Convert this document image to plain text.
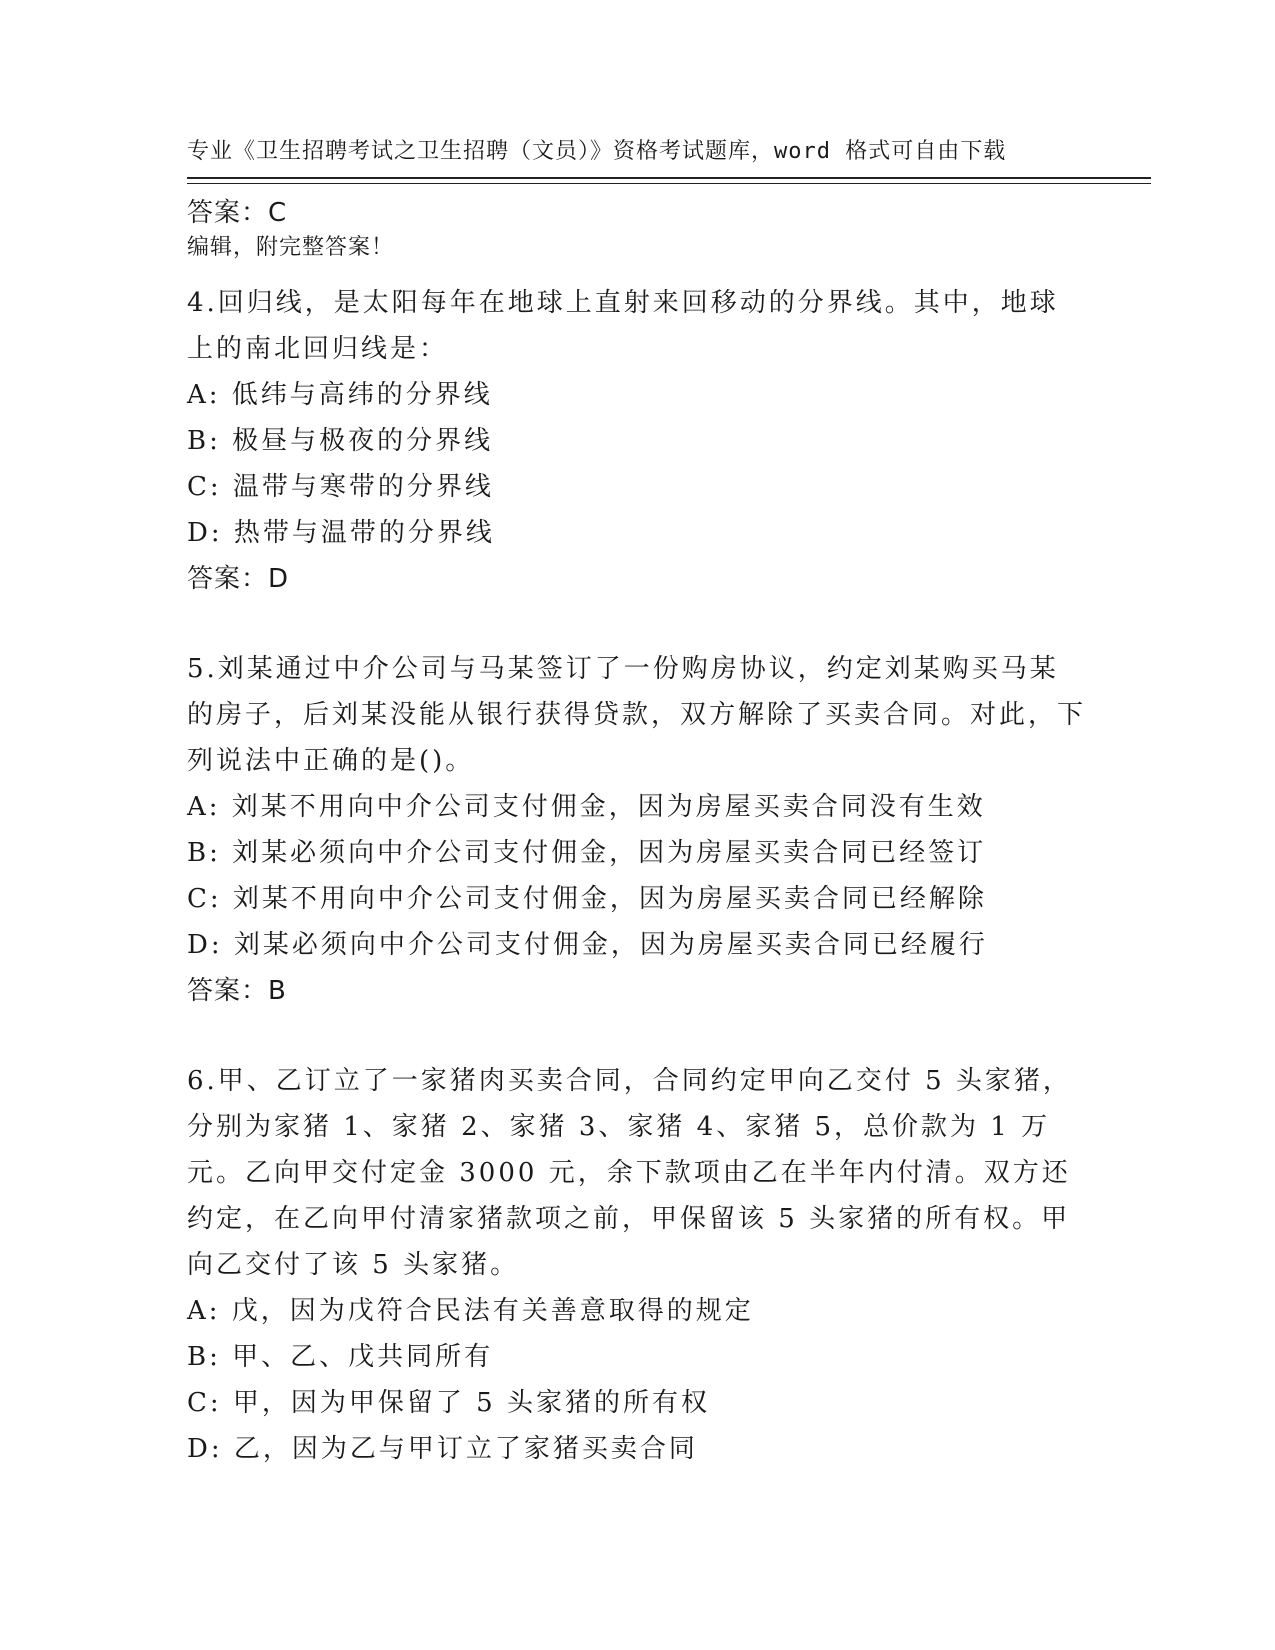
专业《卫生招聘考试之卫生招聘（文员）》资格考试题库，word 格式可自由下载

编辑，附完整答案！

答案：C

4.回归线，是太阳每年在地球上直射来回移动的分界线。其中，地球上的南北回归线是：

A: 低纬与高纬的分界线

B: 极昼与极夜的分界线

C: 温带与寒带的分界线

D: 热带与温带的分界线

答案：D

5.刘某通过中介公司与马某签订了一份购房协议，约定刘某购买马某的房子，后刘某没能从银行获得贷款，双方解除了买卖合同。对此，下列说法中正确的是()。

A: 刘某不用向中介公司支付佣金，因为房屋买卖合同没有生效

B: 刘某必须向中介公司支付佣金，因为房屋买卖合同已经签订

C: 刘某不用向中介公司支付佣金，因为房屋买卖合同已经解除

D: 刘某必须向中介公司支付佣金，因为房屋买卖合同已经履行

答案：B

6.甲、乙订立了一家猪肉买卖合同，合同约定甲向乙交付 5 头家猪，分别为家猪 1、家猪 2、家猪 3、家猪 4、家猪 5，总价款为 1 万元。乙向甲交付定金 3000 元，余下款项由乙在半年内付清。双方还约定，在乙向甲付清家猪款项之前，甲保留该 5 头家猪的所有权。甲向乙交付了该 5 头家猪。

A: 戊，因为戊符合民法有关善意取得的规定

B: 甲、乙、戊共同所有

C: 甲，因为甲保留了 5 头家猪的所有权

D: 乙，因为乙与甲订立了家猪买卖合同
